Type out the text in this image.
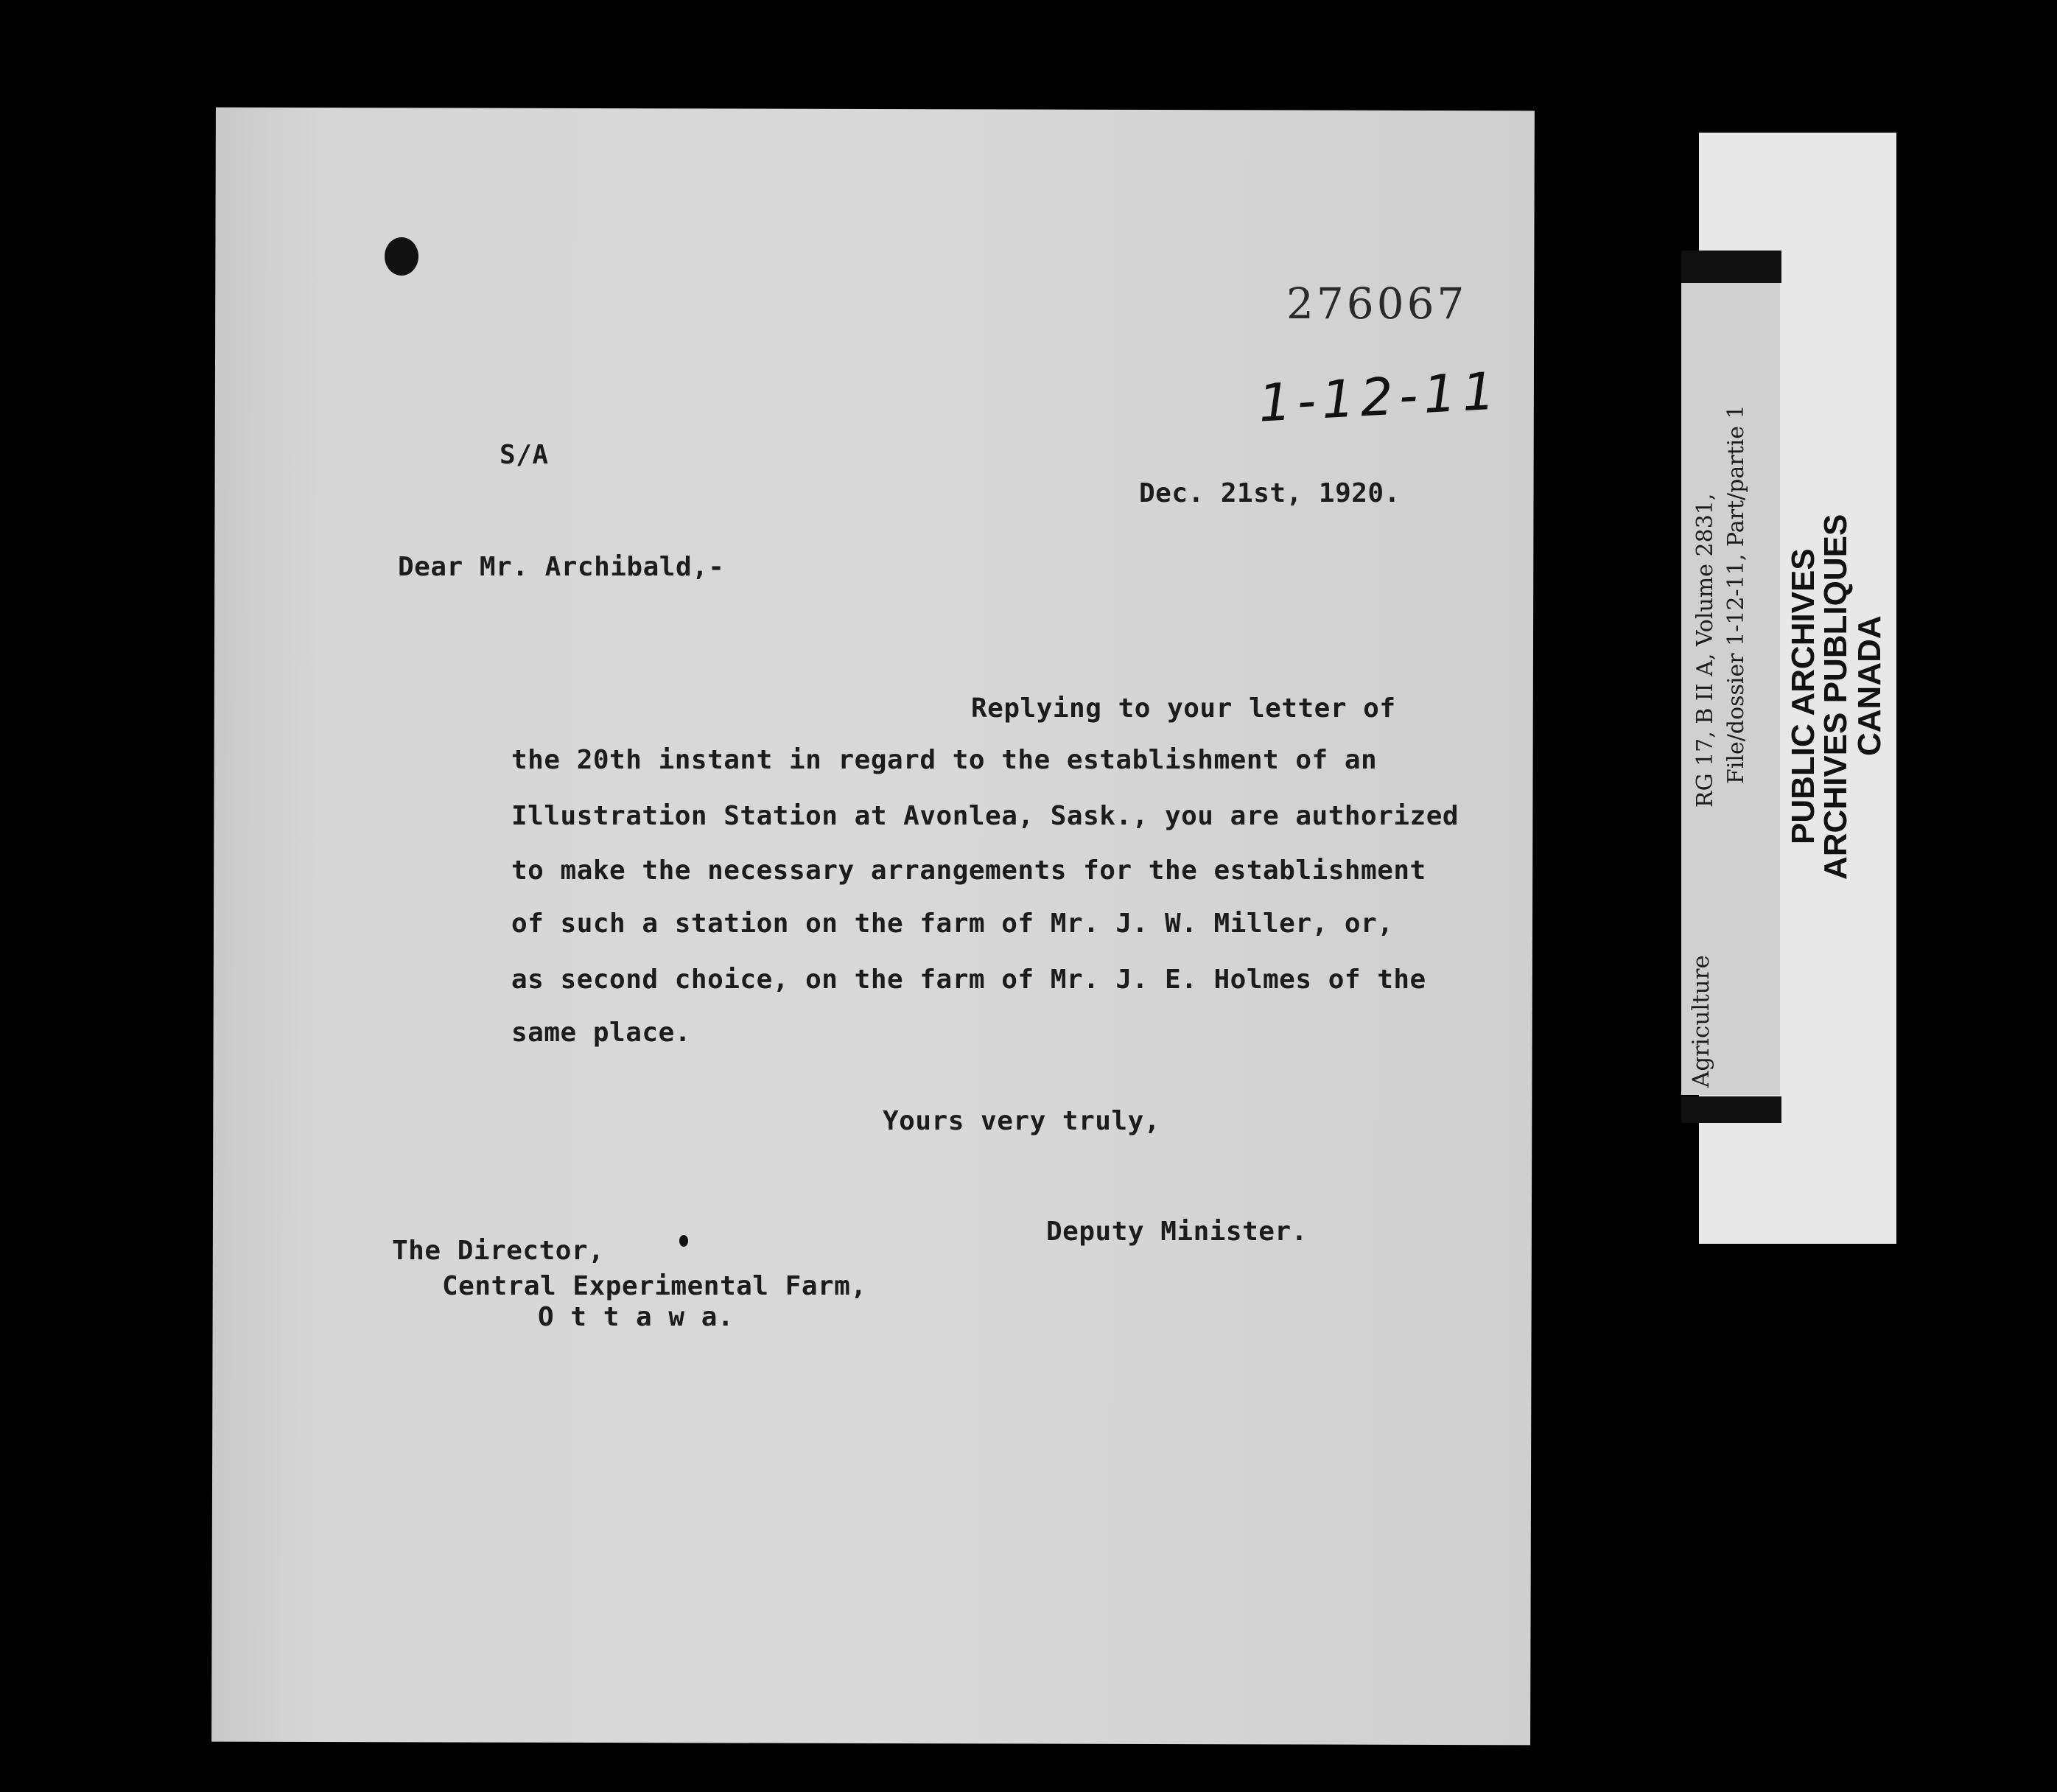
276067
1-12-11
S/A
Dec. 21st, 1920.
Dear Mr. Archibald,-
Replying to your letter of
the 20th instant in regard to the establishment of an
Illustration Station at Avonlea, Sask., you are authorized
to make the necessary arrangements for the establishment
of such a station on the farm of Mr. J. W. Miller, or,
as second choice, on the farm of Mr. J. E. Holmes of the
same place.
Yours very truly,
Deputy Minister.
The Director,
Central Experimental Farm,
O t t a w a.
Agriculture
RG 17, B II A, Volume 2831, File/dossier 1-12-11, Part/partie 1 PUBLIC ARCHIVES
ARCHIVES PUBLIQUES
CANADA
